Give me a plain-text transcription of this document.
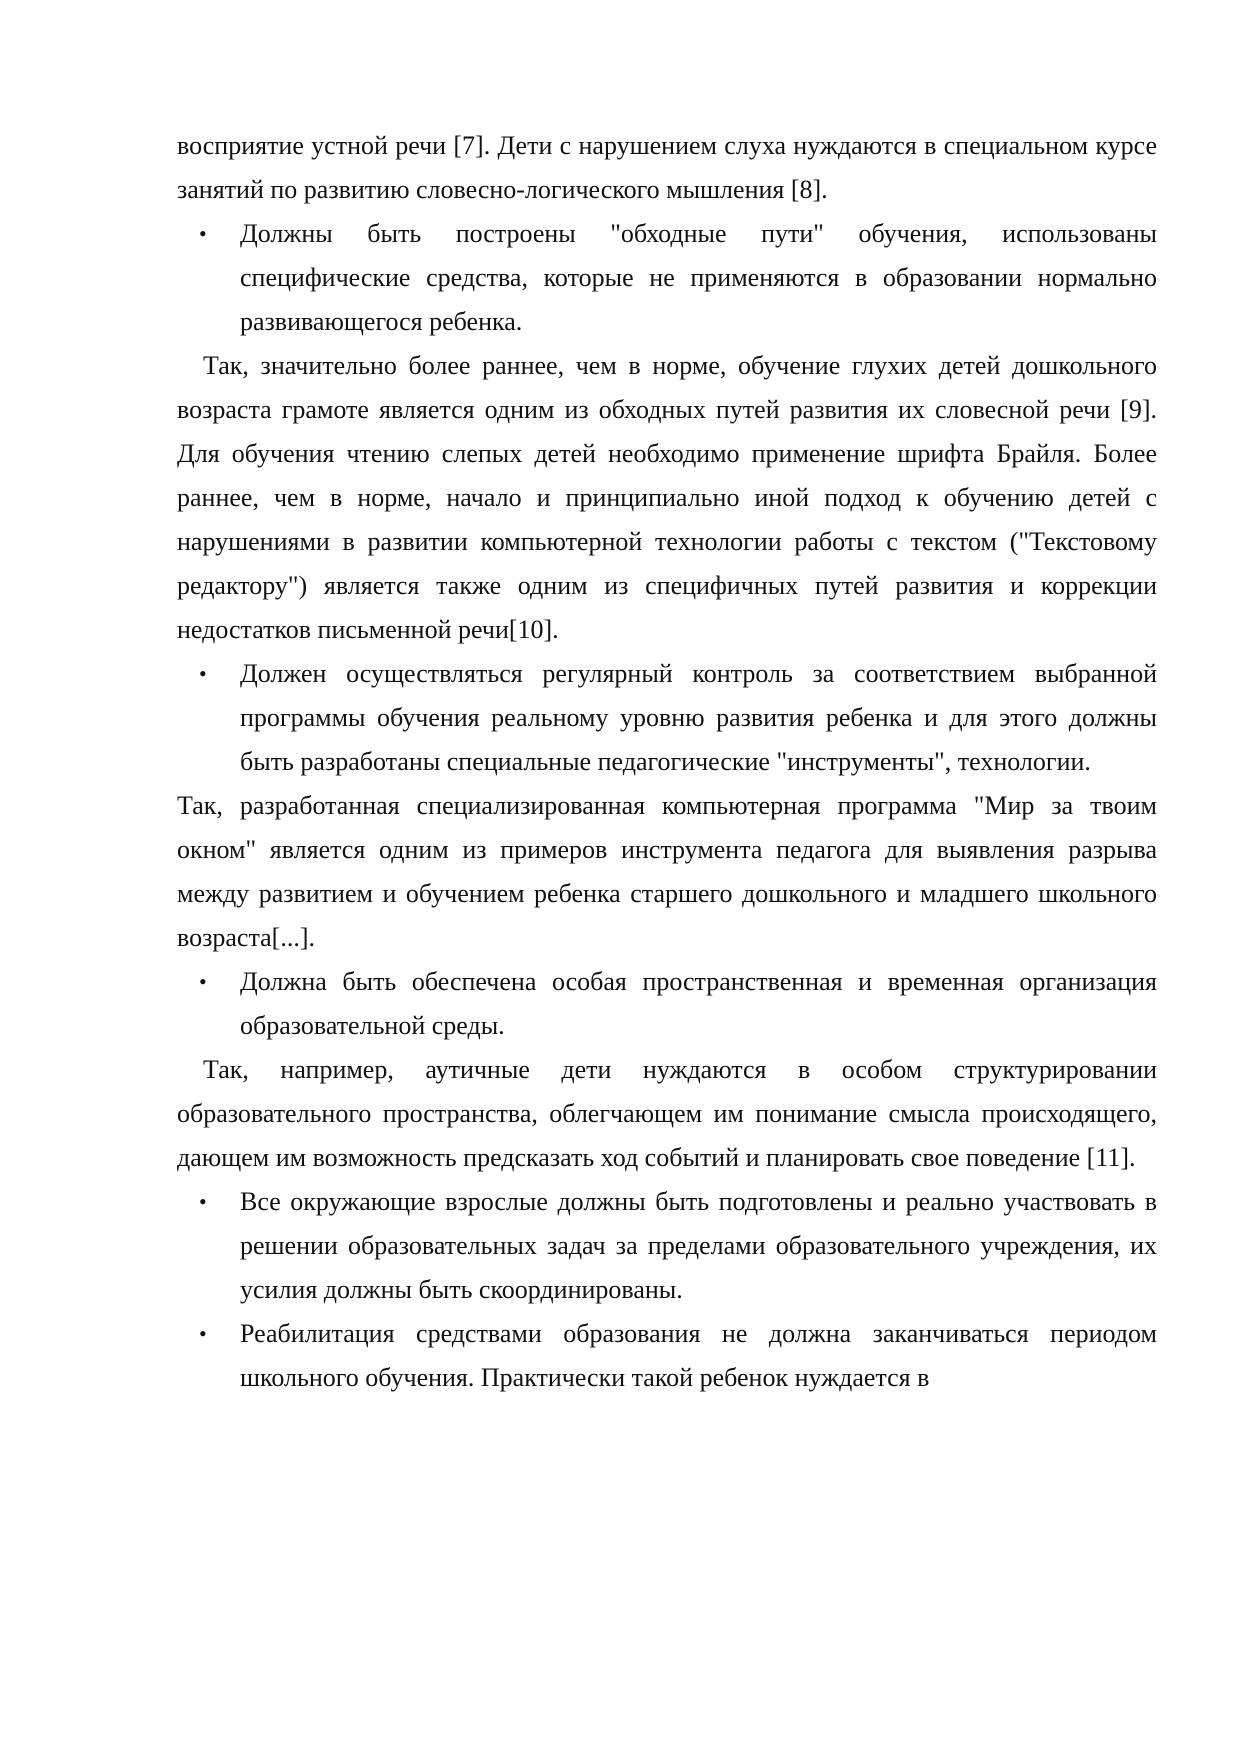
восприятие устной речи [7]. Дети с нарушением слуха нуждаются в специальном курсе занятий по развитию словесно-логического мышления [8].

• Должны быть построены "обходные пути" обучения, использованы специфические средства, которые не применяются в образовании нормально развивающегося ребенка.

Так, значительно более раннее, чем в норме, обучение глухих детей дошкольного возраста грамоте является одним из обходных путей развития их словесной речи [9]. Для обучения чтению слепых детей необходимо применение шрифта Брайля. Более раннее, чем в норме, начало и принципиально иной подход к обучению детей с нарушениями в развитии компьютерной технологии работы с текстом ("Текстовому редактору") является также одним из специфичных путей развития и коррекции недостатков письменной речи[10].

• Должен осуществляться регулярный контроль за соответствием выбранной программы обучения реальному уровню развития ребенка и для этого должны быть разработаны специальные педагогические "инструменты", технологии.

Так, разработанная специализированная компьютерная программа "Мир за твоим окном" является одним из примеров инструмента педагога для выявления разрыва между развитием и обучением ребенка старшего дошкольного и младшего школьного возраста[...].

• Должна быть обеспечена особая пространственная и временная организация образовательной среды.

Так, например, аутичные дети нуждаются в особом структурировании образовательного пространства, облегчающем им понимание смысла происходящего, дающем им возможность предсказать ход событий и планировать свое поведение [11].

• Все окружающие взрослые должны быть подготовлены и реально участвовать в решении образовательных задач за пределами образовательного учреждения, их усилия должны быть скоординированы.
• Реабилитация средствами образования не должна заканчиваться периодом школьного обучения. Практически такой ребенок нуждается в
